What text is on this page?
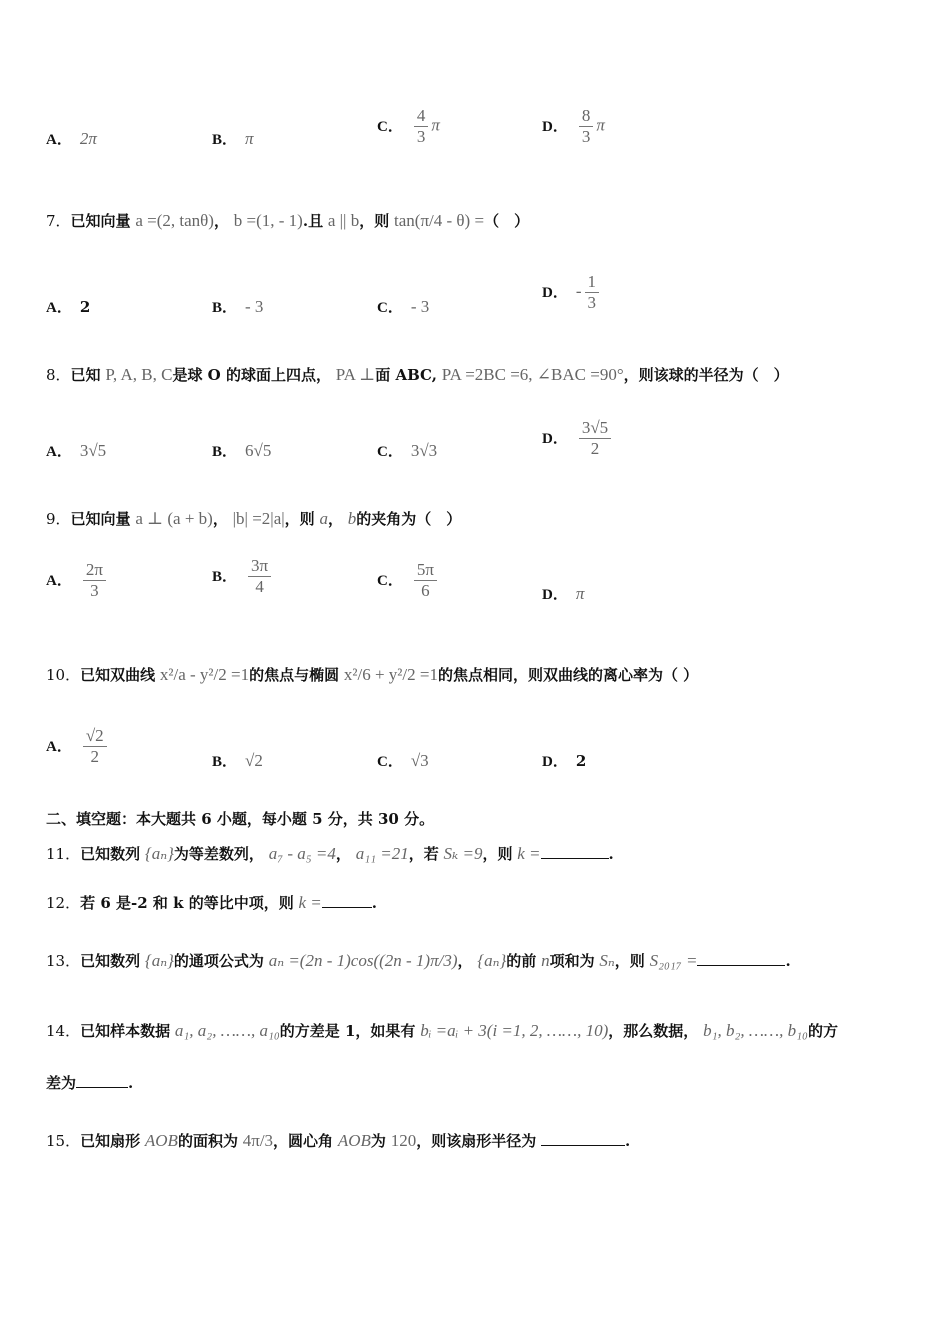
A． 2π	B． π
C． $\frac{4}{3}$ π	D． $\frac{8}{3}$ π
7．已知向量 a =(2, tanθ)， b =(1, - 1).且 a || b，则 tan(π/4 - θ) =（　）
A． 2	B． - 3	C． - 3
D． - $\frac{1}{3}$
8．已知 P, A, B, C是球 O 的球面上四点， PA ⊥面 ABC, PA =2BC =6, ∠BAC =90°，则该球的半径为（　）
A． 3√5	B． 6√5	C． 3√3
D． $\frac{3√5}{2}$
9．已知向量 a ⊥ (a + b)， |b| =2|a|，则 a， b的夹角为（　）
A． $\frac{2\pi}{3}$	B． $\frac{3\pi}{4}$	C． $\frac{5\pi}{6}$	D． π
10．已知双曲线 x²/a - y²/2 =1的焦点与椭圆 x²/6 + y²/2 =1的焦点相同，则双曲线的离心率为（ ）
A． $\frac{√2}{2}$	B． √2	C． √3	D． 2
二、填空题：本大题共 6 小题，每小题 5 分，共 30 分。
11．已知数列 {aₙ}为等差数列， a₇ - a₅ =4， a₁₁ =21，若 Sₖ =9，则 k =	.
12．若 6 是-2 和 k 的等比中项，则 k =	.
13．已知数列 {aₙ}的通项公式为 aₙ =(2n - 1)cos((2n - 1)π/3)， {aₙ}的前 n项和为 Sₙ，则 S₂₀₁₇ =	.
14．已知样本数据 a₁, a₂, ……, a₁₀的方差是 1，如果有 bᵢ =aᵢ + 3(i =1, 2, ……, 10)，那么数据， b₁, b₂, ……, b₁₀的方
差为	.
15．已知扇形 AOB的面积为 4π/3，圆心角 AOB为 120，则该扇形半径为	.
